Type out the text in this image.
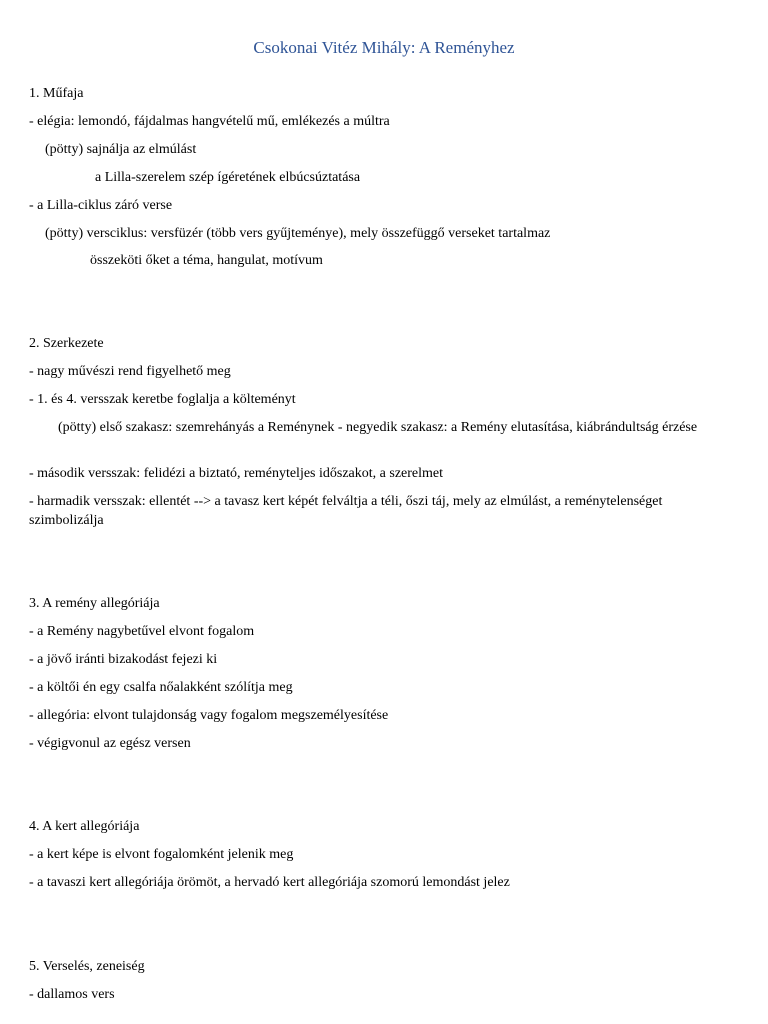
Csokonai Vitéz Mihály: A Reményhez
1. Műfaja
- elégia: lemondó, fájdalmas hangvételű mű, emlékezés a múltra
(pötty) sajnálja az elmúlást
a Lilla-szerelem szép ígéretének elbúcsúztatása
- a Lilla-ciklus záró verse
(pötty) versciklus: versfüzér (több vers gyűjteménye), mely összefüggő verseket tartalmaz
összeköti őket a téma, hangulat, motívum
2. Szerkezete
- nagy művészi rend figyelhető meg
- 1. és 4. versszak keretbe foglalja a költeményt
(pötty) első szakasz: szemrehányás a Reménynek - negyedik szakasz: a Remény elutasítása, kiábrándultság érzése
- második versszak: felidézi a biztató, reményteljes időszakot, a szerelmet
- harmadik versszak: ellentét --> a tavasz kert képét felváltja a téli, őszi táj, mely az elmúlást, a reménytelenséget szimbolizálja
3. A remény allegóriája
- a Remény nagybetűvel elvont fogalom
- a jövő iránti bizakodást fejezi ki
- a költői én egy csalfa nőalakként szólítja meg
- allegória: elvont tulajdonság vagy fogalom megszemélyesítése
- végigvonul az egész versen
4. A kert allegóriája
- a kert képe is elvont fogalomként jelenik meg
- a tavaszi kert allegóriája örömöt, a hervadó kert allegóriája szomorú lemondást jelez
5. Verselés, zeneiség
- dallamos vers
